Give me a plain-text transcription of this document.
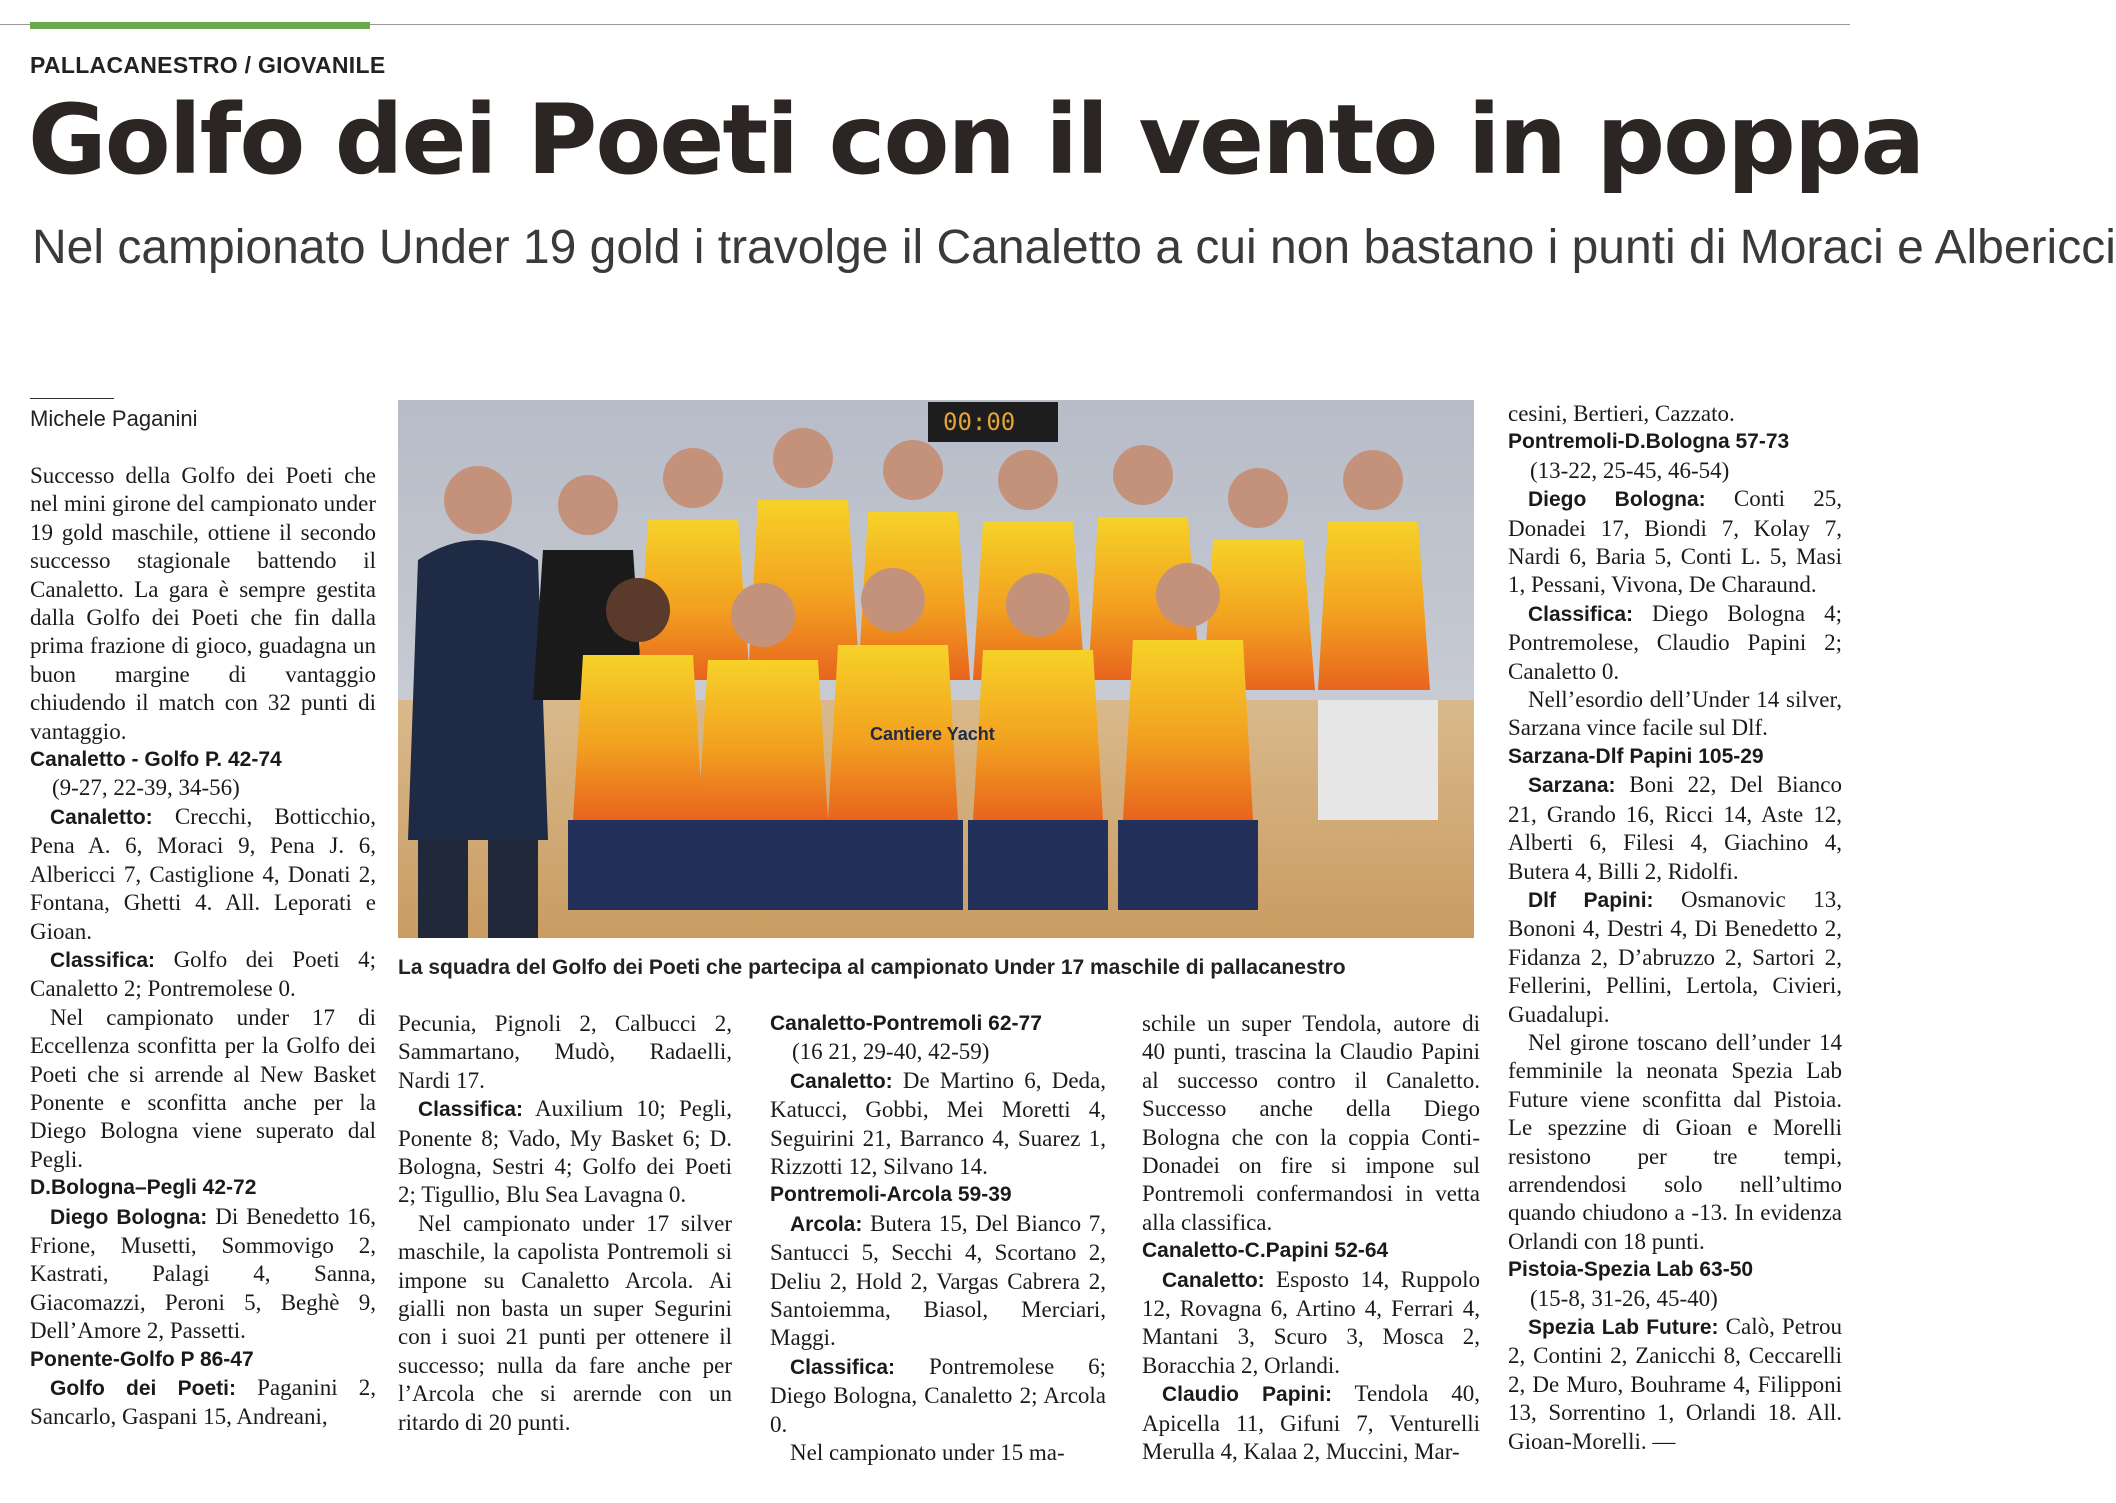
PALLACANESTRO / GIOVANILE
Golfo dei Poeti con il vento in poppa
Nel campionato Under 19 gold i travolge il Canaletto a cui non bastano i punti di Moraci e Albericci
Michele Paganini

Successo della Golfo dei Poeti che nel mini girone del campionato under 19 gold maschile, ottiene il secondo successo stagionale battendo il Canaletto. La gara è sempre gestita dalla Golfo dei Poeti che fin dalla prima frazione di gioco, guadagna un buon margine di vantaggio chiudendo il match con 32 punti di vantaggio.

Canaletto - Golfo P. 42-74

(9-27, 22-39, 34-56)

Canaletto: Crecchi, Botticchio, Pena A. 6, Moraci 9, Pena J. 6, Albericci 7, Castiglione 4, Donati 2, Fontana, Ghetti 4. All. Leporati e Gioan.

Classifica: Golfo dei Poeti 4; Canaletto 2; Pontremolese 0.

Nel campionato under 17 di Eccellenza sconfitta per la Golfo dei Poeti che si arrende al New Basket Ponente e sconfitta anche per la Diego Bologna viene superato dal Pegli.

D.Bologna–Pegli 42-72

Diego Bologna: Di Benedetto 16, Frione, Musetti, Sommovigo 2, Kastrati, Palagi 4, Sanna, Giacomazzi, Peroni 5, Beghè 9, Dell’Amore 2, Passetti.

Ponente-Golfo P 86-47

Golfo dei Poeti: Paganini 2, Sancarlo, Gaspani 15, Andreani,

00:00
Cantiere Yacht
La squadra del Golfo dei Poeti che partecipa al campionato Under 17 maschile di pallacanestro

Pecunia, Pignoli 2, Calbucci 2, Sammartano, Mudò, Radaelli, Nardi 17.

Classifica: Auxilium 10; Pegli, Ponente 8; Vado, My Basket 6; D. Bologna, Sestri 4; Golfo dei Poeti 2; Tigullio, Blu Sea Lavagna 0.

Nel campionato under 17 silver maschile, la capolista Pontremoli si impone su Canaletto Arcola. Ai gialli non basta un super Segurini con i suoi 21 punti per ottenere il successo; nulla da fare anche per l’Arcola che si arernde con un ritardo di 20 punti.

Canaletto-Pontremoli 62-77

(16 21, 29-40, 42-59)

Canaletto: De Martino 6, Deda, Katucci, Gobbi, Mei Moretti 4, Seguirini 21, Barranco 4, Suarez 1, Rizzotti 12, Silvano 14.

Pontremoli-Arcola 59-39

Arcola: Butera 15, Del Bianco 7, Santucci 5, Secchi 4, Scortano 2, Deliu 2, Hold 2, Vargas Cabrera 2, Santoiemma, Biasol, Merciari, Maggi.

Classifica: Pontremolese 6; Diego Bologna, Canaletto 2; Arcola 0.

Nel campionato under 15 ma-

schile un super Tendola, autore di 40 punti, trascina la Claudio Papini al successo contro il Canaletto. Successo anche della Diego Bologna che con la coppia Conti-Donadei on fire si impone sul Pontremoli confermandosi in vetta alla classifica.

Canaletto-C.Papini 52-64

Canaletto: Esposto 14, Ruppolo 12, Rovagna 6, Artino 4, Ferrari 4, Mantani 3, Scuro 3, Mosca 2, Boracchia 2, Orlandi.

Claudio Papini: Tendola 40, Apicella 11, Gifuni 7, Venturelli Merulla 4, Kalaa 2, Muccini, Mar-

cesini, Bertieri, Cazzato.

Pontremoli-D.Bologna 57-73

(13-22, 25-45, 46-54)

Diego Bologna: Conti 25, Donadei 17, Biondi 7, Kolay 7, Nardi 6, Baria 5, Conti L. 5, Masi 1, Pessani, Vivona, De Charaund.

Classifica: Diego Bologna 4; Pontremolese, Claudio Papini 2; Canaletto 0.

Nell’esordio dell’Under 14 silver, Sarzana vince facile sul Dlf.

Sarzana-Dlf Papini 105-29

Sarzana: Boni 22, Del Bianco 21, Grando 16, Ricci 14, Aste 12, Alberti 6, Filesi 4, Giachino 4, Butera 4, Billi 2, Ridolfi.

Dlf Papini: Osmanovic 13, Bononi 4, Destri 4, Di Benedetto 2, Fidanza 2, D’abruzzo 2, Sartori 2, Fellerini, Pellini, Lertola, Civieri, Guadalupi.

Nel girone toscano dell’under 14 femminile la neonata Spezia Lab Future viene sconfitta dal Pistoia. Le spezzine di Gioan e Morelli resistono per tre tempi, arrendendosi solo nell’ultimo quando chiudono a -13. In evidenza Orlandi con 18 punti.

Pistoia-Spezia Lab 63-50

(15-8, 31-26, 45-40)

Spezia Lab Future: Calò, Petrou 2, Contini 2, Zanicchi 8, Ceccarelli 2, De Muro, Bouhrame 4, Filipponi 13, Sorrentino 1, Orlandi 18. All. Gioan-Morelli. —
